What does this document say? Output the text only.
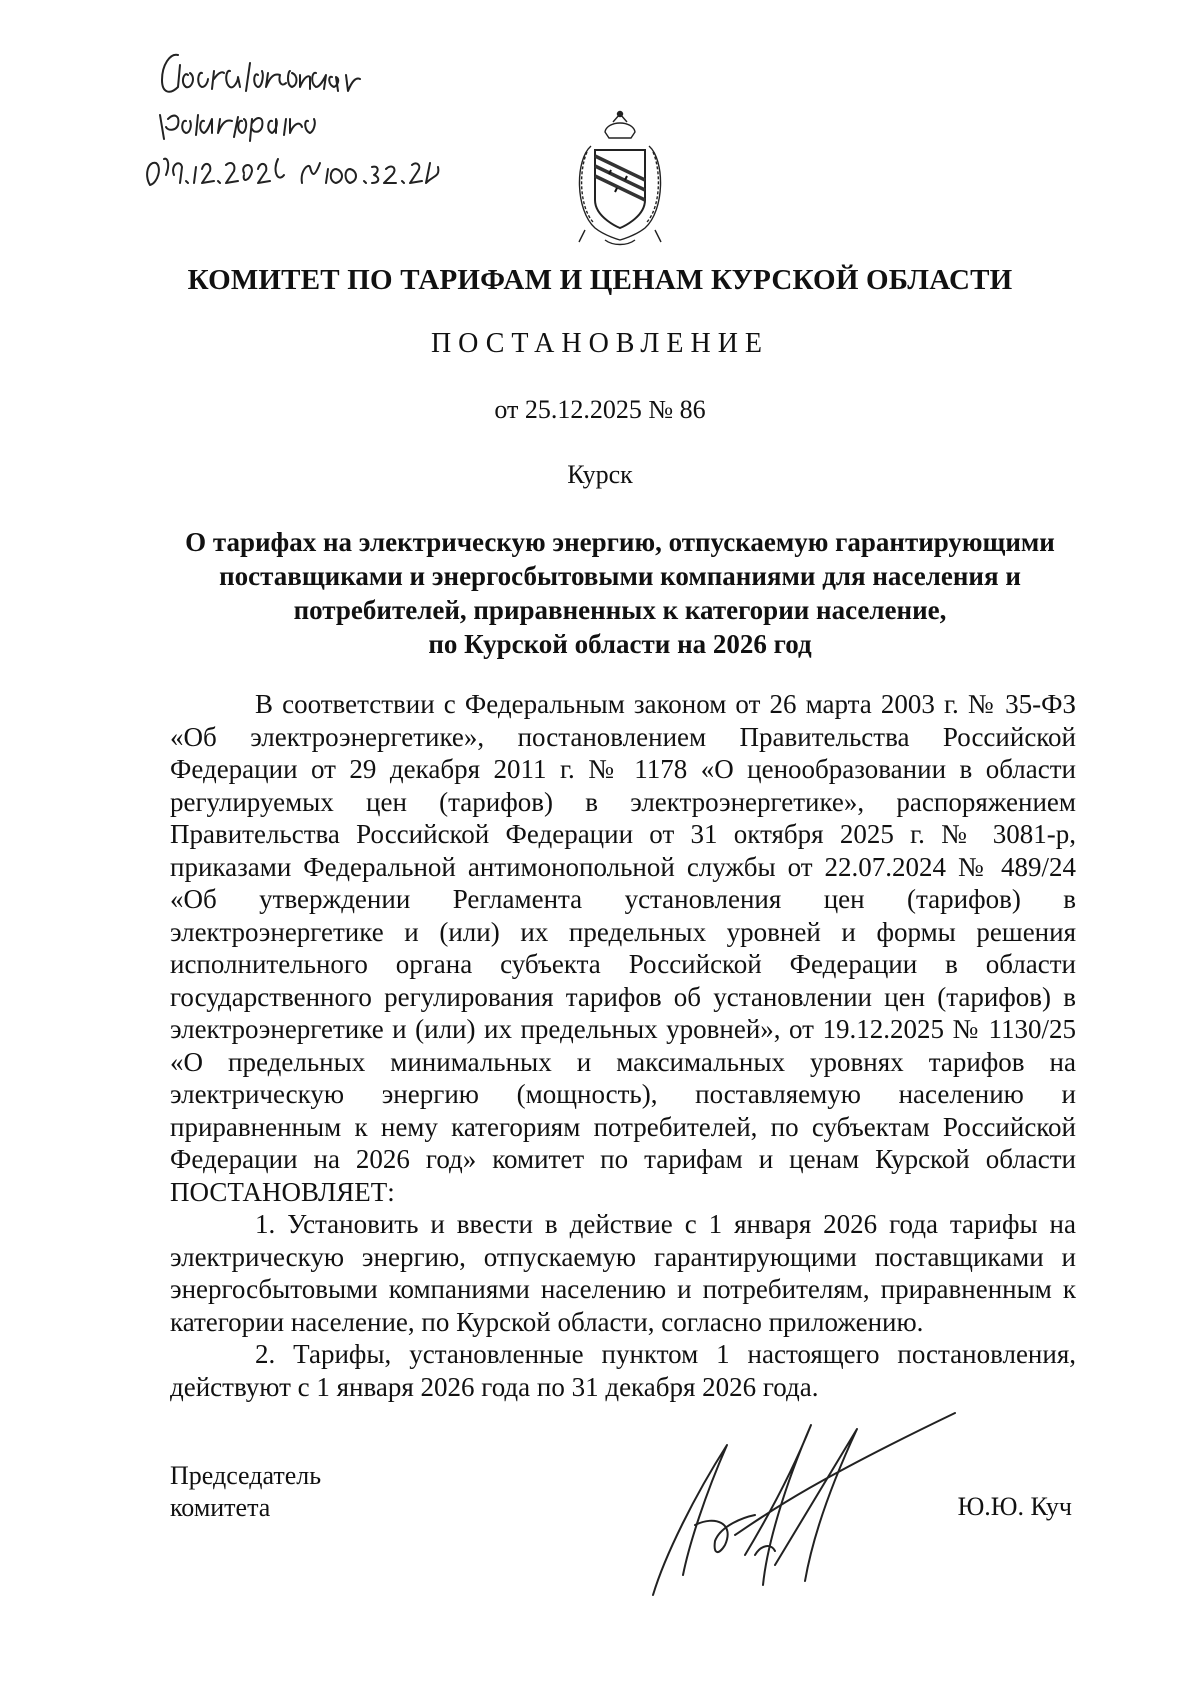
КОМИТЕТ ПО ТАРИФАМ И ЦЕНАМ КУРСКОЙ ОБЛАСТИ
ПОСТАНОВЛЕНИЕ
от 25.12.2025 № 86
Курск
О тарифах на электрическую энергию, отпускаемую гарантирующими
поставщиками и энергосбытовыми компаниями для населения и
потребителей, приравненных к категории население,
по Курской области на 2026 год

В соответствии с Федеральным законом от 26 марта 2003 г. № 35-ФЗ «Об электроэнергетике», постановлением Правительства Российской Федерации от 29 декабря 2011 г. № 1178 «О ценообразовании в области регулируемых цен (тарифов) в электроэнергетике», распоряжением Правительства Российской Федерации от 31 октября 2025 г. № 3081-р, приказами Федеральной антимонопольной службы от 22.07.2024 № 489/24 «Об утверждении Регламента установления цен (тарифов) в электроэнергетике и (или) их предельных уровней и формы решения исполнительного органа субъекта Российской Федерации в области государственного регулирования тарифов об установлении цен (тарифов) в электроэнергетике и (или) их предельных уровней», от 19.12.2025 № 1130/25 «О предельных минимальных и максимальных уровнях тарифов на электрическую энергию (мощность), поставляемую населению и приравненным к нему категориям потребителей, по субъектам Российской Федерации на 2026 год» комитет по тарифам и ценам Курской области ПОСТАНОВЛЯЕТ:

1. Установить и ввести в действие с 1 января 2026 года тарифы на электрическую энергию, отпускаемую гарантирующими поставщиками и энергосбытовыми компаниями населению и потребителям, приравненным к категории население, по Курской области, согласно приложению.

2. Тарифы, установленные пунктом 1 настоящего постановления, действуют с 1 января 2026 года по 31 декабря 2026 года.

Председатель
комитета	Ю.Ю. Куч
